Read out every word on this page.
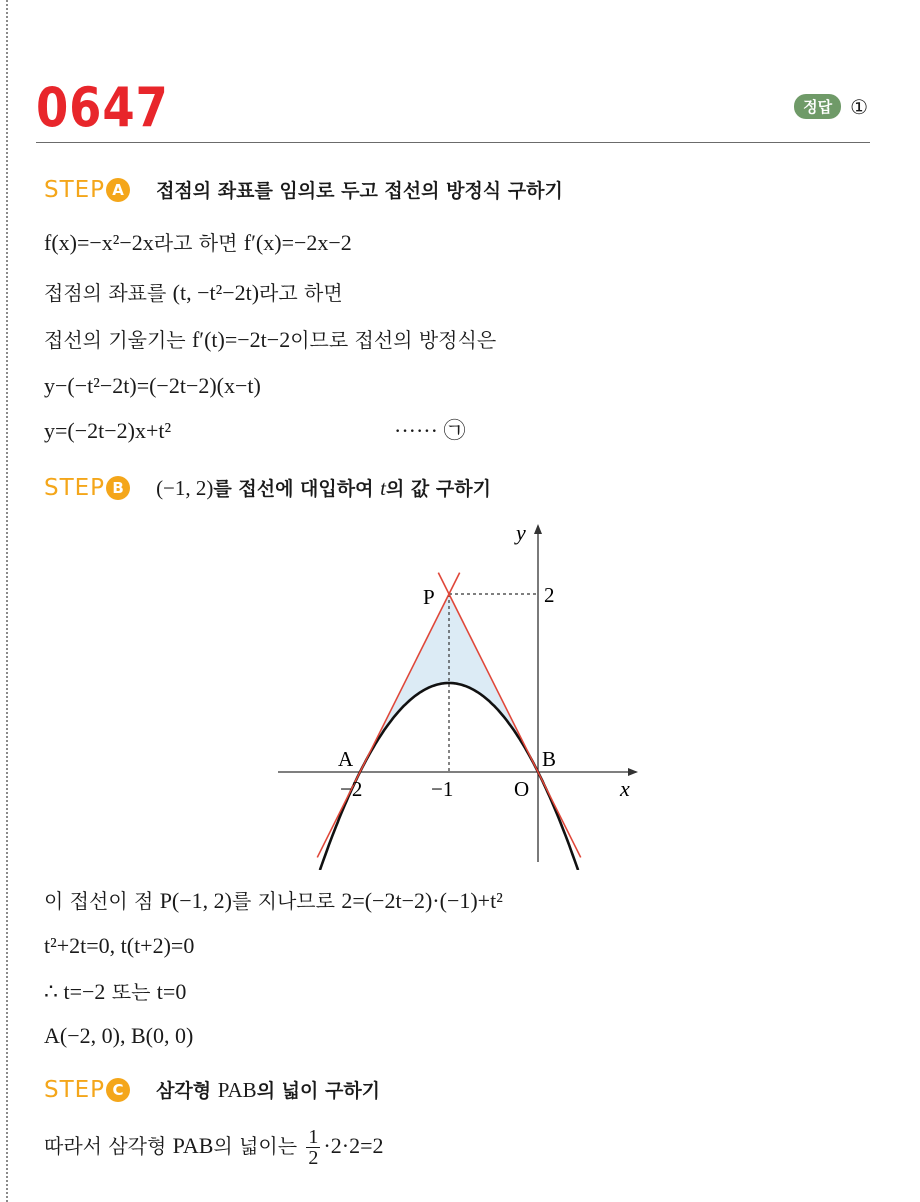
0647	정답 ①
STEP A	접점의 좌표를 임의로 두고 접선의 방정식 구하기
f(x)=−x²−2x라고 하면 f′(x)=−2x−2
접점의 좌표를 (t, −t²−2t)라고 하면
접선의 기울기는 f′(t)=−2t−2이므로 접선의 방정식은
y−(−t²−2t)=(−2t−2)(x−t)
y=(−2t−2)x+t²	······ ㉠
STEP B (−1, 2)를 접선에 대입하여 t의 값 구하기
y
x
O
P
A	B
−2	−1
2
이 접선이 점 P(−1, 2)를 지나므로 2=(−2t−2)·(−1)+t²
t²+2t=0, t(t+2)=0
∴ t=−2 또는 t=0
A(−2, 0), B(0, 0)
STEP C	삼각형 PAB의 넓이 구하기
따라서 삼각형 PAB의 넓이는 $\frac{1}{2} \cdot 2\cdot 2=2$
